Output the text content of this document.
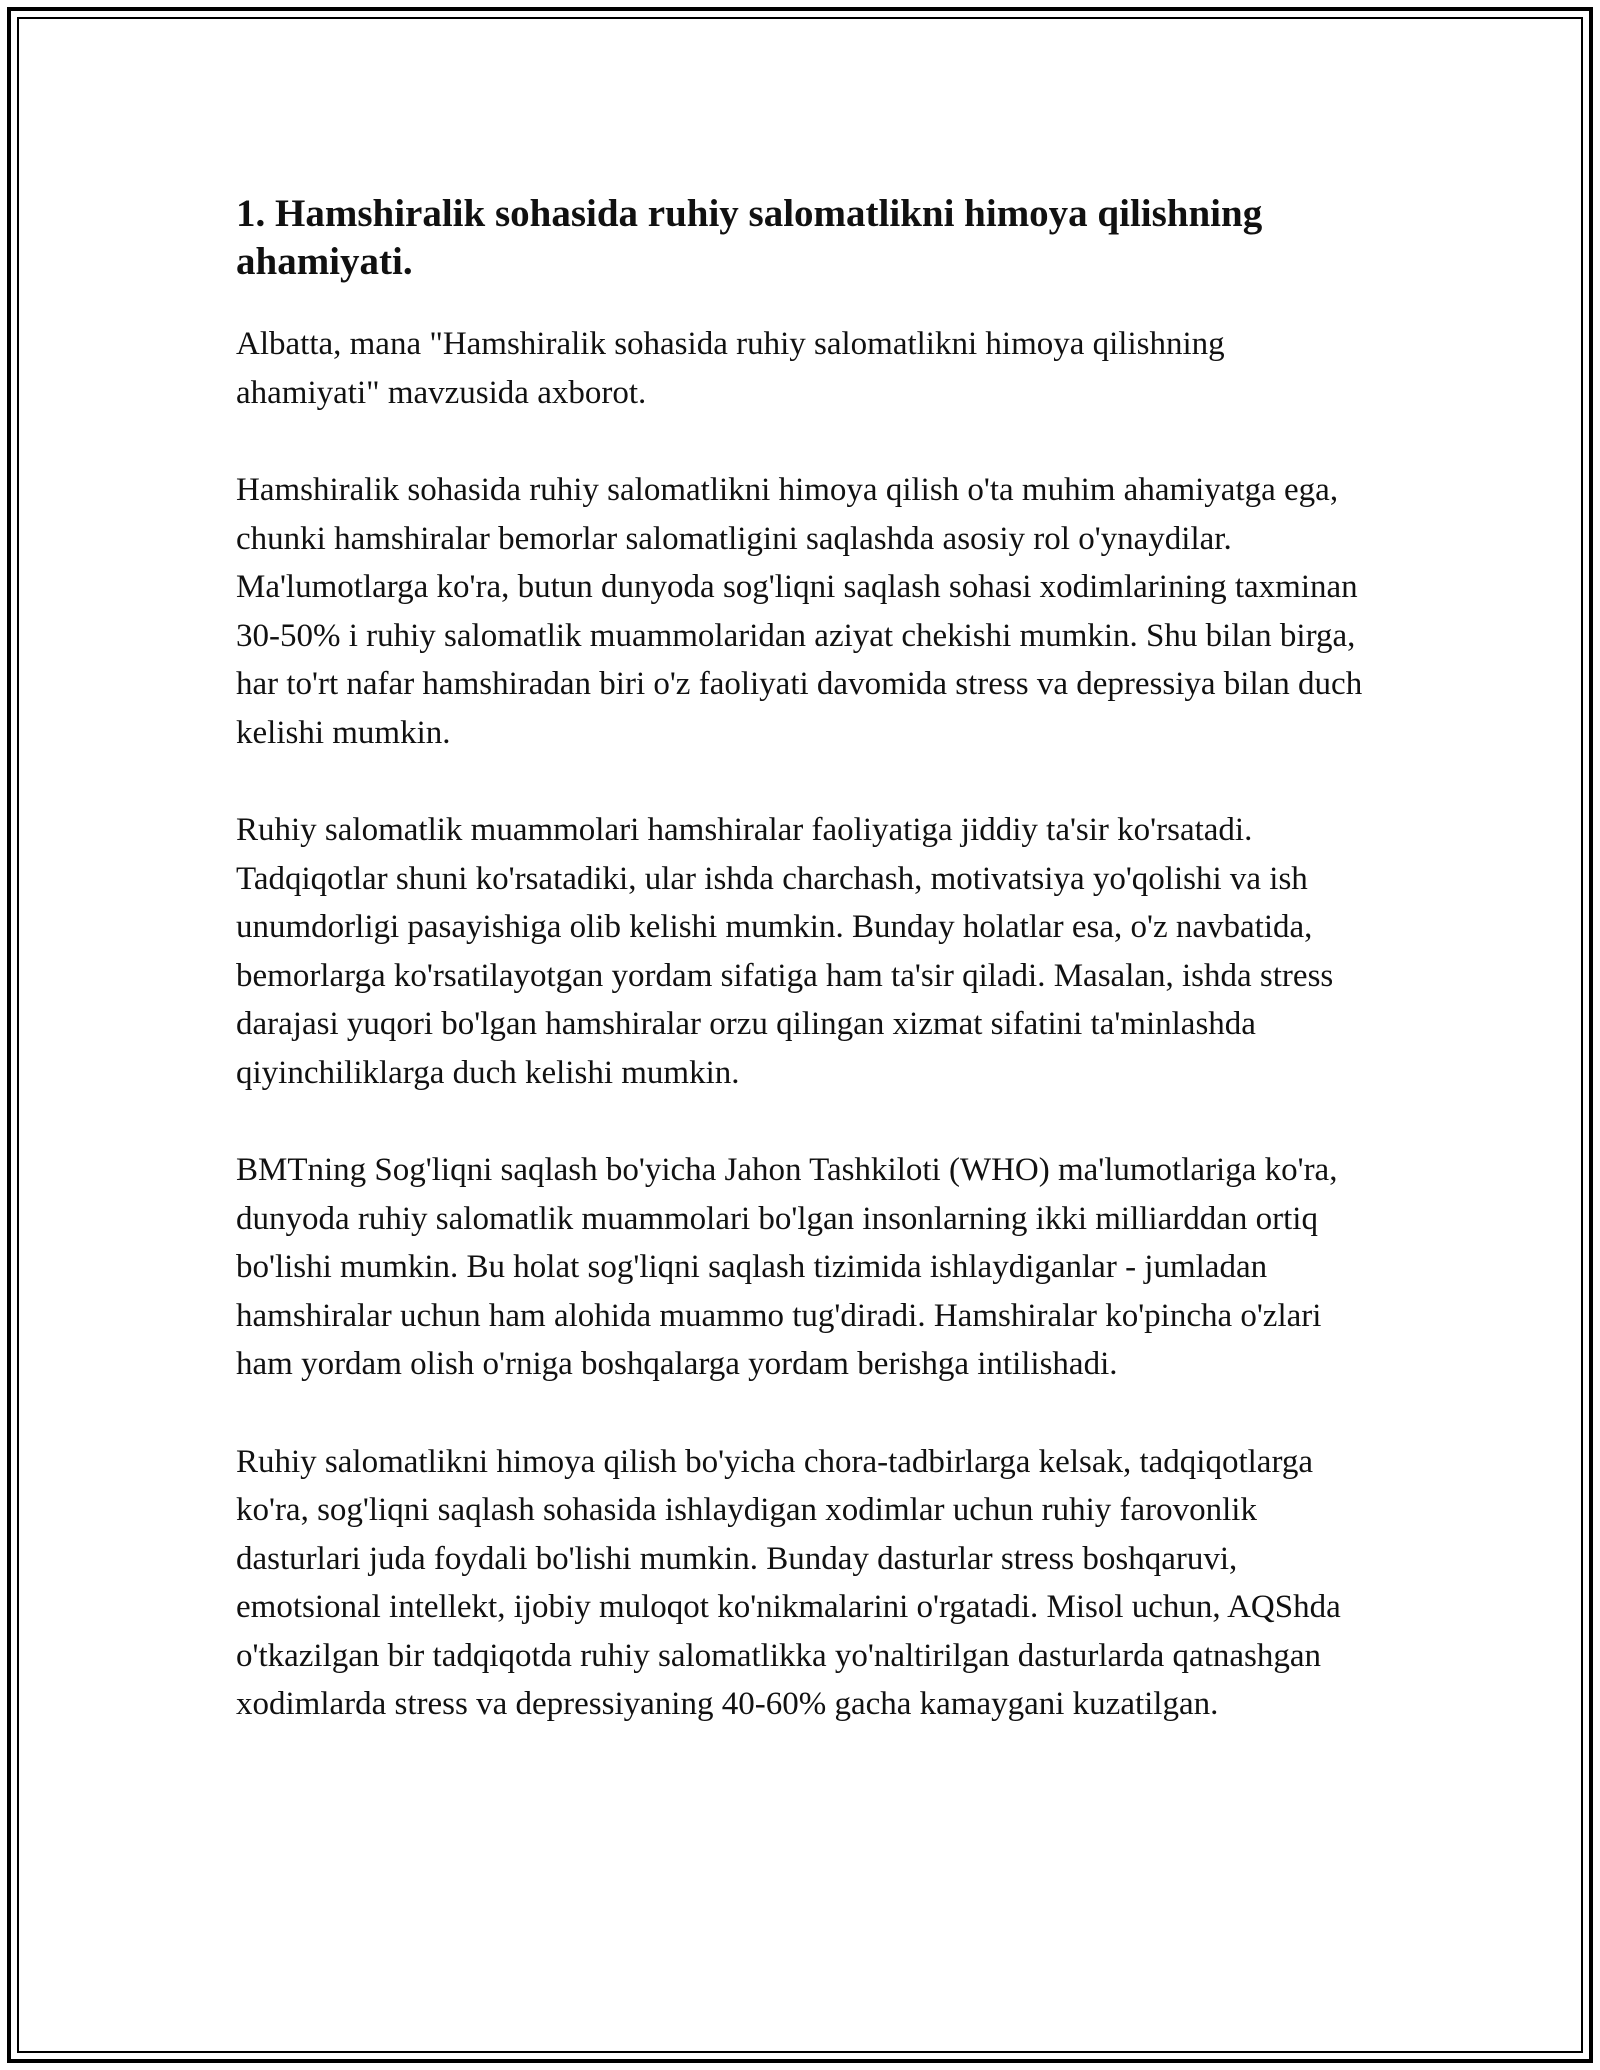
1. Hamshiralik sohasida ruhiy salomatlikni himoya qilishning ahamiyati.

Albatta, mana "Hamshiralik sohasida ruhiy salomatlikni himoya qilishning ahamiyati" mavzusida axborot.

Hamshiralik sohasida ruhiy salomatlikni himoya qilish o'ta muhim ahamiyatga ega, chunki hamshiralar bemorlar salomatligini saqlashda asosiy rol o'ynaydilar. Ma'lumotlarga ko'ra, butun dunyoda sog'liqni saqlash sohasi xodimlarining taxminan 30-50% i ruhiy salomatlik muammolaridan aziyat chekishi mumkin. Shu bilan birga, har to'rt nafar hamshiradan biri o'z faoliyati davomida stress va depressiya bilan duch kelishi mumkin.

Ruhiy salomatlik muammolari hamshiralar faoliyatiga jiddiy ta'sir ko'rsatadi. Tadqiqotlar shuni ko'rsatadiki, ular ishda charchash, motivatsiya yo'qolishi va ish unumdorligi pasayishiga olib kelishi mumkin. Bunday holatlar esa, o'z navbatida, bemorlarga ko'rsatilayotgan yordam sifatiga ham ta'sir qiladi. Masalan, ishda stress darajasi yuqori bo'lgan hamshiralar orzu qilingan xizmat sifatini ta'minlashda qiyinchiliklarga duch kelishi mumkin.

BMTning Sog'liqni saqlash bo'yicha Jahon Tashkiloti (WHO) ma'lumotlariga ko'ra, dunyoda ruhiy salomatlik muammolari bo'lgan insonlarning ikki milliarddan ortiq bo'lishi mumkin. Bu holat sog'liqni saqlash tizimida ishlaydiganlar - jumladan hamshiralar uchun ham alohida muammo tug'diradi. Hamshiralar ko'pincha o'zlari ham yordam olish o'rniga boshqalarga yordam berishga intilishadi.

Ruhiy salomatlikni himoya qilish bo'yicha chora-tadbirlarga kelsak, tadqiqotlarga ko'ra, sog'liqni saqlash sohasida ishlaydigan xodimlar uchun ruhiy farovonlik dasturlari juda foydali bo'lishi mumkin. Bunday dasturlar stress boshqaruvi, emotsional intellekt, ijobiy muloqot ko'nikmalarini o'rgatadi. Misol uchun, AQShda o'tkazilgan bir tadqiqotda ruhiy salomatlikka yo'naltirilgan dasturlarda qatnashgan xodimlarda stress va depressiyaning 40-60% gacha kamaygani kuzatilgan.
